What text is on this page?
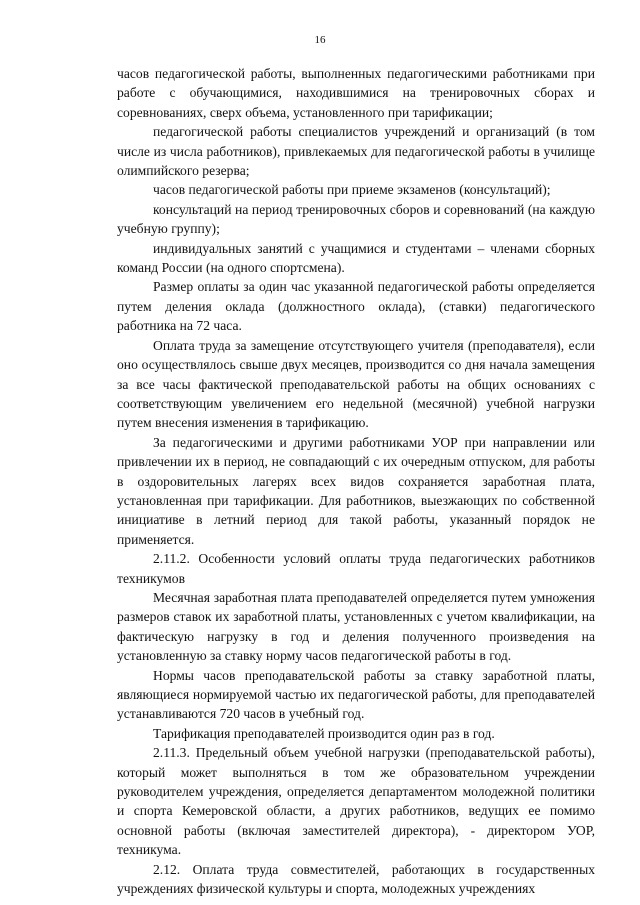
16

часов педагогической работы, выполненных педагогическими работниками при работе с обучающимися, находившимися на тренировочных сборах и соревнованиях, сверх объема, установленного при тарификации;

педагогической работы специалистов учреждений и организаций (в том числе из числа работников), привлекаемых для педагогической работы в училище олимпийского резерва;

часов педагогической работы при приеме экзаменов (консультаций);

консультаций на период тренировочных сборов и соревнований (на каждую учебную группу);

индивидуальных занятий с учащимися и студентами – членами сборных команд России (на одного спортсмена).

Размер оплаты за один час указанной педагогической работы определяется путем деления оклада (должностного оклада), (ставки) педагогического работника на 72 часа.

Оплата труда за замещение отсутствующего учителя (преподавателя), если оно осуществлялось свыше двух месяцев, производится со дня начала замещения за все часы фактической преподавательской работы на общих основаниях с соответствующим увеличением его недельной (месячной) учебной нагрузки путем внесения изменения в тарификацию.

За педагогическими и другими работниками УОР при направлении или привлечении их в период, не совпадающий с их очередным отпуском, для работы в оздоровительных лагерях всех видов сохраняется заработная плата, установленная при тарификации. Для работников, выезжающих по собственной инициативе в летний период для такой работы, указанный порядок не применяется.

2.11.2. Особенности условий оплаты труда педагогических работников техникумов

Месячная заработная плата преподавателей определяется путем умножения размеров ставок их заработной платы, установленных с учетом квалификации, на фактическую нагрузку в год и деления полученного произведения на установленную за ставку норму часов педагогической работы в год.

Нормы часов преподавательской работы за ставку заработной платы, являющиеся нормируемой частью их педагогической работы, для преподавателей устанавливаются 720 часов в учебный год.

Тарификация преподавателей производится один раз в год.

2.11.3. Предельный объем учебной нагрузки (преподавательской работы), который может выполняться в том же образовательном учреждении руководителем учреждения, определяется департаментом молодежной политики и спорта Кемеровской области, а других работников, ведущих ее помимо основной работы (включая заместителей директора), - директором УОР, техникума.

2.12. Оплата труда совместителей, работающих в государственных учреждениях физической культуры и спорта, молодежных учреждениях
